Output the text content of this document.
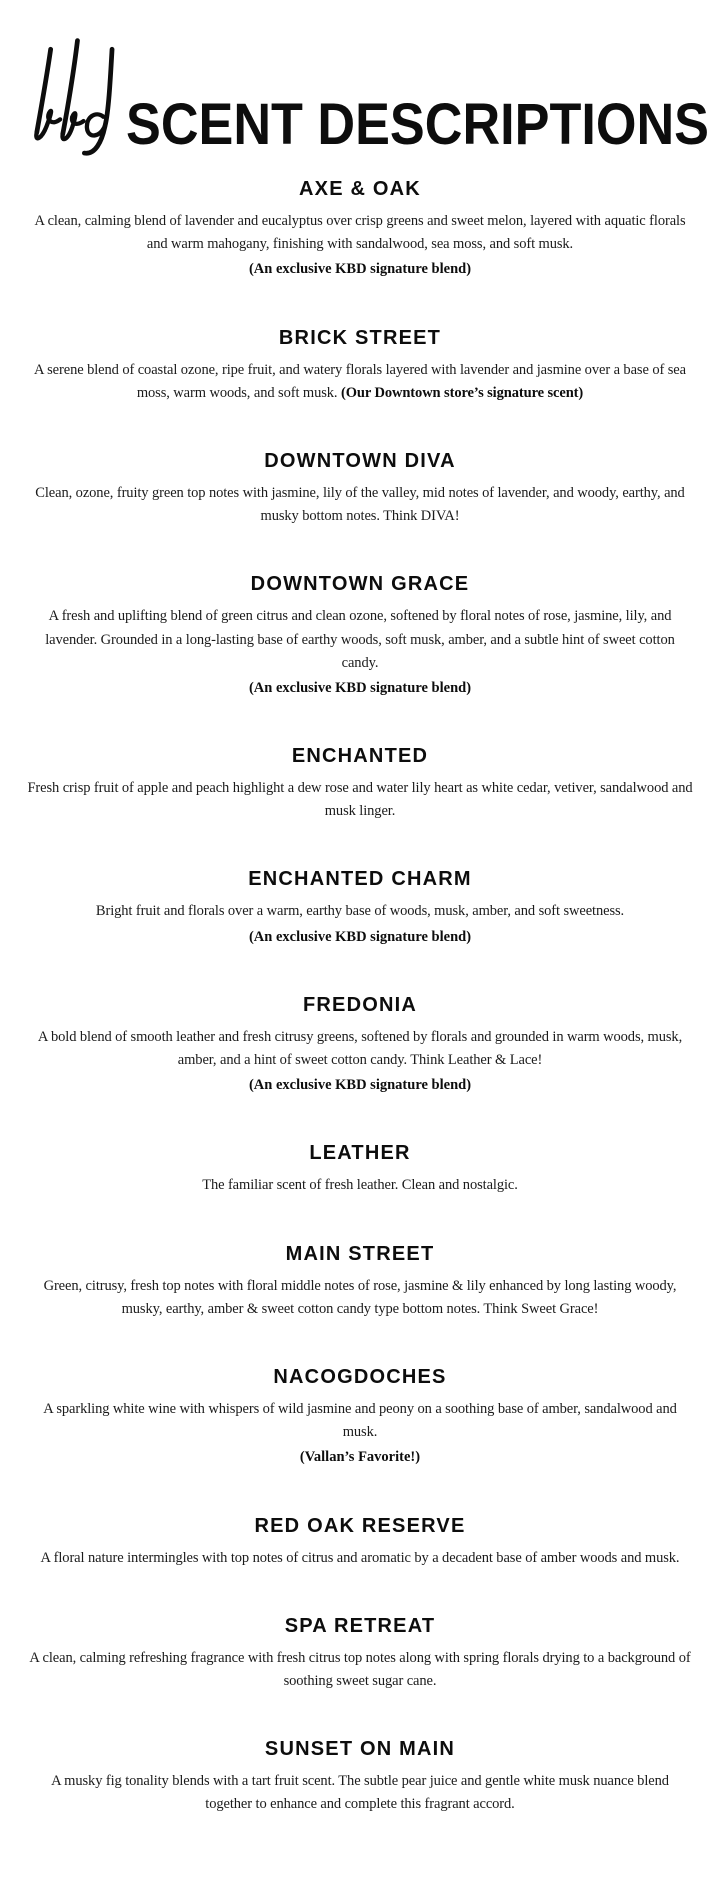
SCENT DESCRIPTIONS
AXE & OAK

A clean, calming blend of lavender and eucalyptus over crisp greens and sweet melon, layered with aquatic florals and warm mahogany, finishing with sandalwood, sea moss, and soft musk.

(An exclusive KBD signature blend)
BRICK STREET

A serene blend of coastal ozone, ripe fruit, and watery florals layered with lavender and jasmine over a base of sea moss, warm woods, and soft musk. (Our Downtown store’s signature scent)

DOWNTOWN DIVA

Clean, ozone, fruity green top notes with jasmine, lily of the valley, mid notes of lavender, and woody, earthy, and musky bottom notes. Think DIVA!

DOWNTOWN GRACE

A fresh and uplifting blend of green citrus and clean ozone, softened by floral notes of rose, jasmine, lily, and lavender. Grounded in a long-lasting base of earthy woods, soft musk, amber, and a subtle hint of sweet cotton candy.

(An exclusive KBD signature blend)
ENCHANTED

Fresh crisp fruit of apple and peach highlight a dew rose and water lily heart as white cedar, vetiver, sandalwood and musk linger.

ENCHANTED CHARM

Bright fruit and florals over a warm, earthy base of woods, musk, amber, and soft sweetness.

(An exclusive KBD signature blend)
FREDONIA

A bold blend of smooth leather and fresh citrusy greens, softened by florals and grounded in warm woods, musk, amber, and a hint of sweet cotton candy. Think Leather & Lace!

(An exclusive KBD signature blend)
LEATHER

The familiar scent of fresh leather. Clean and nostalgic.

MAIN STREET

Green, citrusy, fresh top notes with floral middle notes of rose, jasmine & lily enhanced by long lasting woody, musky, earthy, amber & sweet cotton candy type bottom notes. Think Sweet Grace!

NACOGDOCHES

A sparkling white wine with whispers of wild jasmine and peony on a soothing base of amber, sandalwood and musk.

(Vallan’s Favorite!)
RED OAK RESERVE

A floral nature intermingles with top notes of citrus and aromatic by a decadent base of amber woods and musk.

SPA RETREAT

A clean, calming refreshing fragrance with fresh citrus top notes along with spring florals drying to a background of soothing sweet sugar cane.

SUNSET ON MAIN

A musky fig tonality blends with a tart fruit scent. The subtle pear juice and gentle white musk nuance blend together to enhance and complete this fragrant accord.
